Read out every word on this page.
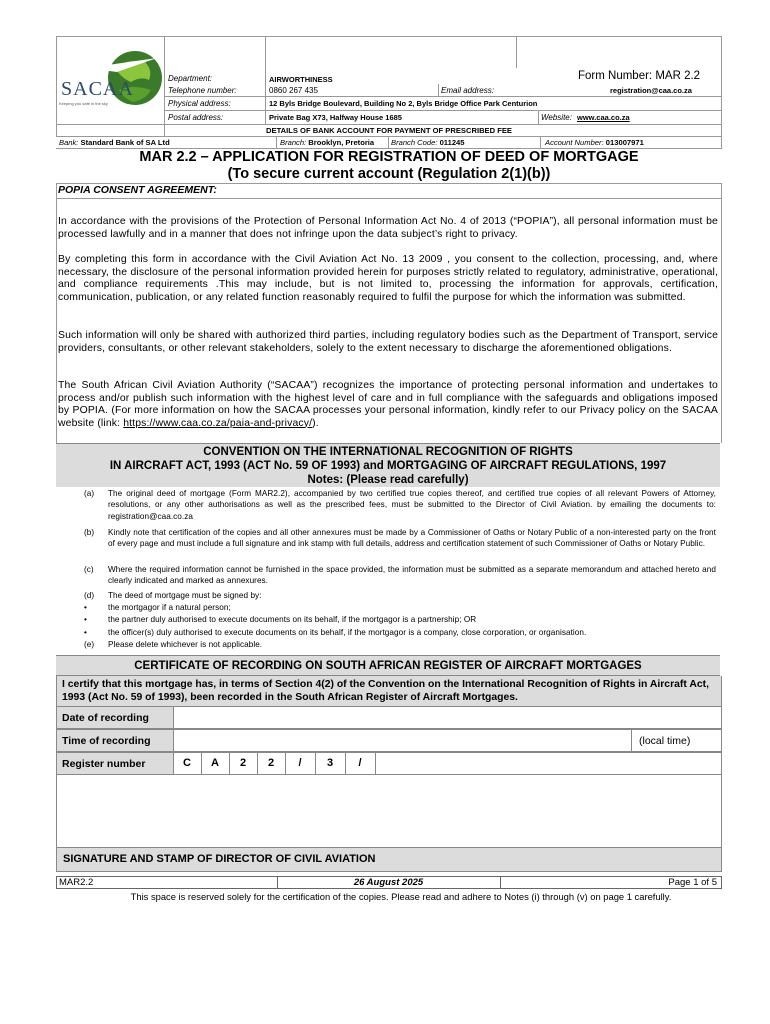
SACAA
Keeping you safe in the sky
Department:	AIRWORTHINESS	Form Number: MAR 2.2
Telephone number:	0860 267 435	Email address:	registration@caa.co.za
Physical address:	12 Byls Bridge Boulevard, Building No 2, Byls Bridge Office Park Centurion
Postal address:	Private Bag X73, Halfway House 1685	Website: www.caa.co.za
DETAILS OF BANK ACCOUNT FOR PAYMENT OF PRESCRIBED FEE
Bank: Standard Bank of SA Ltd	Branch: Brooklyn, Pretoria Branch Code: 011245	Account Number: 013007971
MAR 2.2 – APPLICATION FOR REGISTRATION OF DEED OF MORTGAGE
(To secure current account (Regulation 2(1)(b))
POPIA CONSENT AGREEMENT:
In accordance with the provisions of the Protection of Personal Information Act No. 4 of 2013 (“POPIA”), all personal information must be processed lawfully and in a manner that does not infringe upon the data subject’s right to privacy.
By completing this form in accordance with the Civil Aviation Act No. 13 2009 , you consent to the collection, processing, and, where necessary, the disclosure of the personal information provided herein for purposes strictly related to regulatory, administrative, operational, and compliance requirements .This may include, but is not limited to, processing the information for approvals, certification, communication, publication, or any related function reasonably required to fulfil the purpose for which the information was submitted.
Such information will only be shared with authorized third parties, including regulatory bodies such as the Department of Transport, service providers, consultants, or other relevant stakeholders, solely to the extent necessary to discharge the aforementioned obligations.
The South African Civil Aviation Authority (“SACAA”) recognizes the importance of protecting personal information and undertakes to process and/or publish such information with the highest level of care and in full compliance with the safeguards and obligations imposed by POPIA. (For more information on how the SACAA processes your personal information, kindly refer to our Privacy policy on the SACAA website (link: https://www.caa.co.za/paia-and-privacy/).
CONVENTION ON THE INTERNATIONAL RECOGNITION OF RIGHTS
IN AIRCRAFT ACT, 1993 (ACT No. 59 OF 1993) and MORTGAGING OF AIRCRAFT REGULATIONS, 1997
Notes: (Please read carefully)
(a)	The original deed of mortgage (Form MAR2.2), accompanied by two certified true copies thereof, and certified true copies of all relevant Powers of Attorney, resolutions, or any other authorisations as well as the prescribed fees, must be submitted to the Director of Civil Aviation. by emailing the documents to: registration@caa.co.za
(b)	Kindly note that certification of the copies and all other annexures must be made by a Commissioner of Oaths or Notary Public of a non-interested party on the front of every page and must include a full signature and ink stamp with full details, address and certification statement of such Commissioner of Oaths or Notary Public.
(c)	Where the required information cannot be furnished in the space provided, the information must be submitted as a separate memorandum and attached hereto and clearly indicated and marked as annexures.
(d)	The deed of mortgage must be signed by:
•	the mortgagor if a natural person;
•	the partner duly authorised to execute documents on its behalf, if the mortgagor is a partnership; OR
•	the officer(s) duly authorised to execute documents on its behalf, if the mortgagor is a company, close corporation, or organisation.
(e)	Please delete whichever is not applicable.
CERTIFICATE OF RECORDING ON SOUTH AFRICAN REGISTER OF AIRCRAFT MORTGAGES
I certify that this mortgage has, in terms of Section 4(2) of the Convention on the International Recognition of Rights in Aircraft Act, 1993 (Act No. 59 of 1993), been recorded in the South African Register of Aircraft Mortgages.
Date of recording
Time of recording	(local time)
Register number	C	A	2	2	/	3	/
SIGNATURE AND STAMP OF DIRECTOR OF CIVIL AVIATION
MAR2.2	26 August 2025	Page 1 of 5
This space is reserved solely for the certification of the copies. Please read and adhere to Notes (i) through (v) on page 1 carefully.
